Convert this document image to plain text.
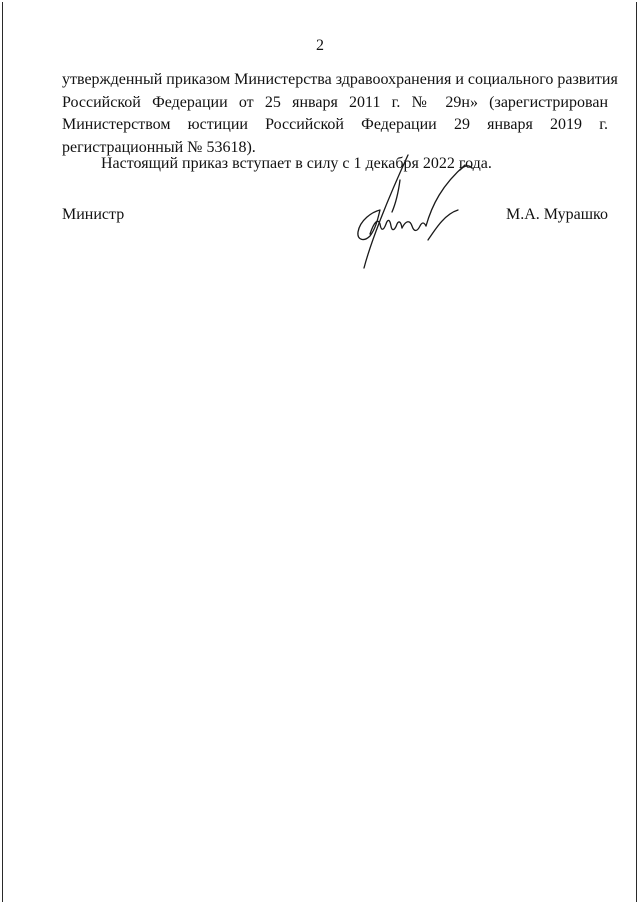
2
утвержденный приказом Министерства здравоохранения и социального развития
Российской Федерации от 25 января 2011 г. № 29н» (зарегистрирован
Министерством юстиции Российской Федерации 29 января 2019 г.
регистрационный № 53618).
Настоящий приказ вступает в силу с 1 декабря 2022 года.
Министр	М.А. Мурашко
